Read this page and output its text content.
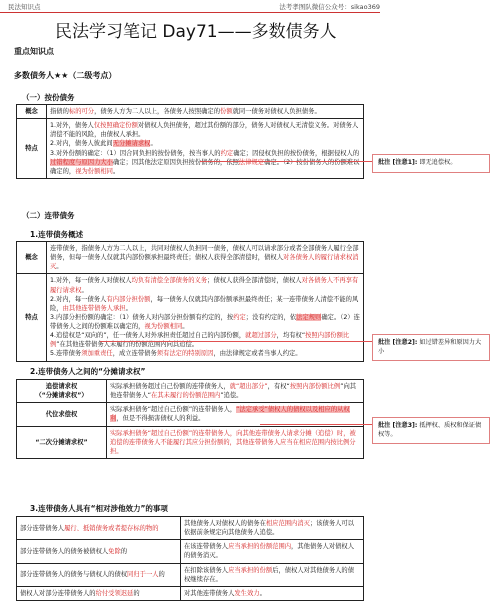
民法知识点	法考孝图队微信公众号：sikao369
民法学习笔记 Day71——多数债务人
重点知识点
多数债务人★★（二级考点）
（一）按份债务
概念	指债的标的可分，债务人方为二人以上，各债务人按照确定的份额就同一债务对债权人负担债务。
特点	1.对外，债务人仅按照确定份额对债权人负担债务，超过其份额的部分，债务人对债权人无清偿义务。对债务人清偿不能的风险，由债权人承担。
2.对内，债务人彼此间无分摊请求权。
3.对外份额的确定：（1）因合同负担的按份债务，按当事人的约定确定；因侵权负担的按份债务，根据侵权人的过错程度与原因力大小确定；因其他法定原因负担按份债务的，依照法律规定确定。（2）按份债务人的份额难以确定的，视为份额相同。
（二）连带债务
1.连带债务概述
概念	连带债务，指债务人方为二人以上，共同对债权人负担同一债务，债权人可以请求部分或者全部债务人履行全部债务，但每一债务人仅就其内部份额承担最终责任；债权人获得全部清偿时，债权人对各债务人的履行请求权消灭。
特点	1.对外，每一债务人对债权人均负有清偿全部债务的义务；债权人获得全部清偿时，债权人对各债务人不再享有履行请求权。
2.对内，每一债务人有内部分担份额，每一债务人仅就其内部份额承担最终责任；某一连带债务人清偿不能的风险，由其他连带债务人承担。
3.内部分担份额的确定：（1）债务人对内部分担份额有约定的，按约定；没有约定的，依法定规则确定。（2）连带债务人之间的份额难以确定的，视为份额相同。
4.追偿权是“双向的”，任一债务人对外承担责任超过自己的内部份额，就超过部分，均有权“按照内部份额比例”在其他连带债务人未履行的份额范围内向其追偿。
5.连带债务须加重责任，成立连带债务须有法定的特别原因，由法律规定或者当事人约定。
2.连带债务人之间的“分摊请求权”
追偿请求权
（“分摊请求权”）	实际承担债务超过自己份额的连带债务人，就“超出部分”，有权“按照内部份额比例”向其他连带债务人“在其未履行的份额范围内”追偿。
代位求偿权	实际承担债务“超过自己份额”的连带债务人，“法定承受”债权人的债权以及相应的从权利，但是不得损害债权人的利益。
“二次分摊请求权”	实际承担债务“超过自己份额”的连带债务人，向其他连带债务人请求分摊（追偿）时，被追偿的连带债务人不能履行其应分担份额的，其他连带债务人应当在相应范围内按比例分担。
3.连带债务人具有“相对涉他效力”的事项
部分连带债务人履行、抵销债务或者提存标的物的	其他债务人对债权人的债务在相应范围内消灭；该债务人可以依据前条规定向其他债务人追偿。
部分连带债务人的债务被债权人免除的	在该连带债务人应当承担的份额范围内，其他债务人对债权人的债务消灭。
部分连带债务人的债务与债权人的债权同归于一人的	在扣除该债务人应当承担的份额后，债权人对其他债务人的债权继续存在。
债权人对部分连带债务人的给付受领迟延的	对其他连带债务人发生效力。
批注 [注意1]: 即无追偿权。
批注 [注意2]: 如过错差异和原因力大小
批注 [注意3]: 抵押权、质权和保证债权等。
